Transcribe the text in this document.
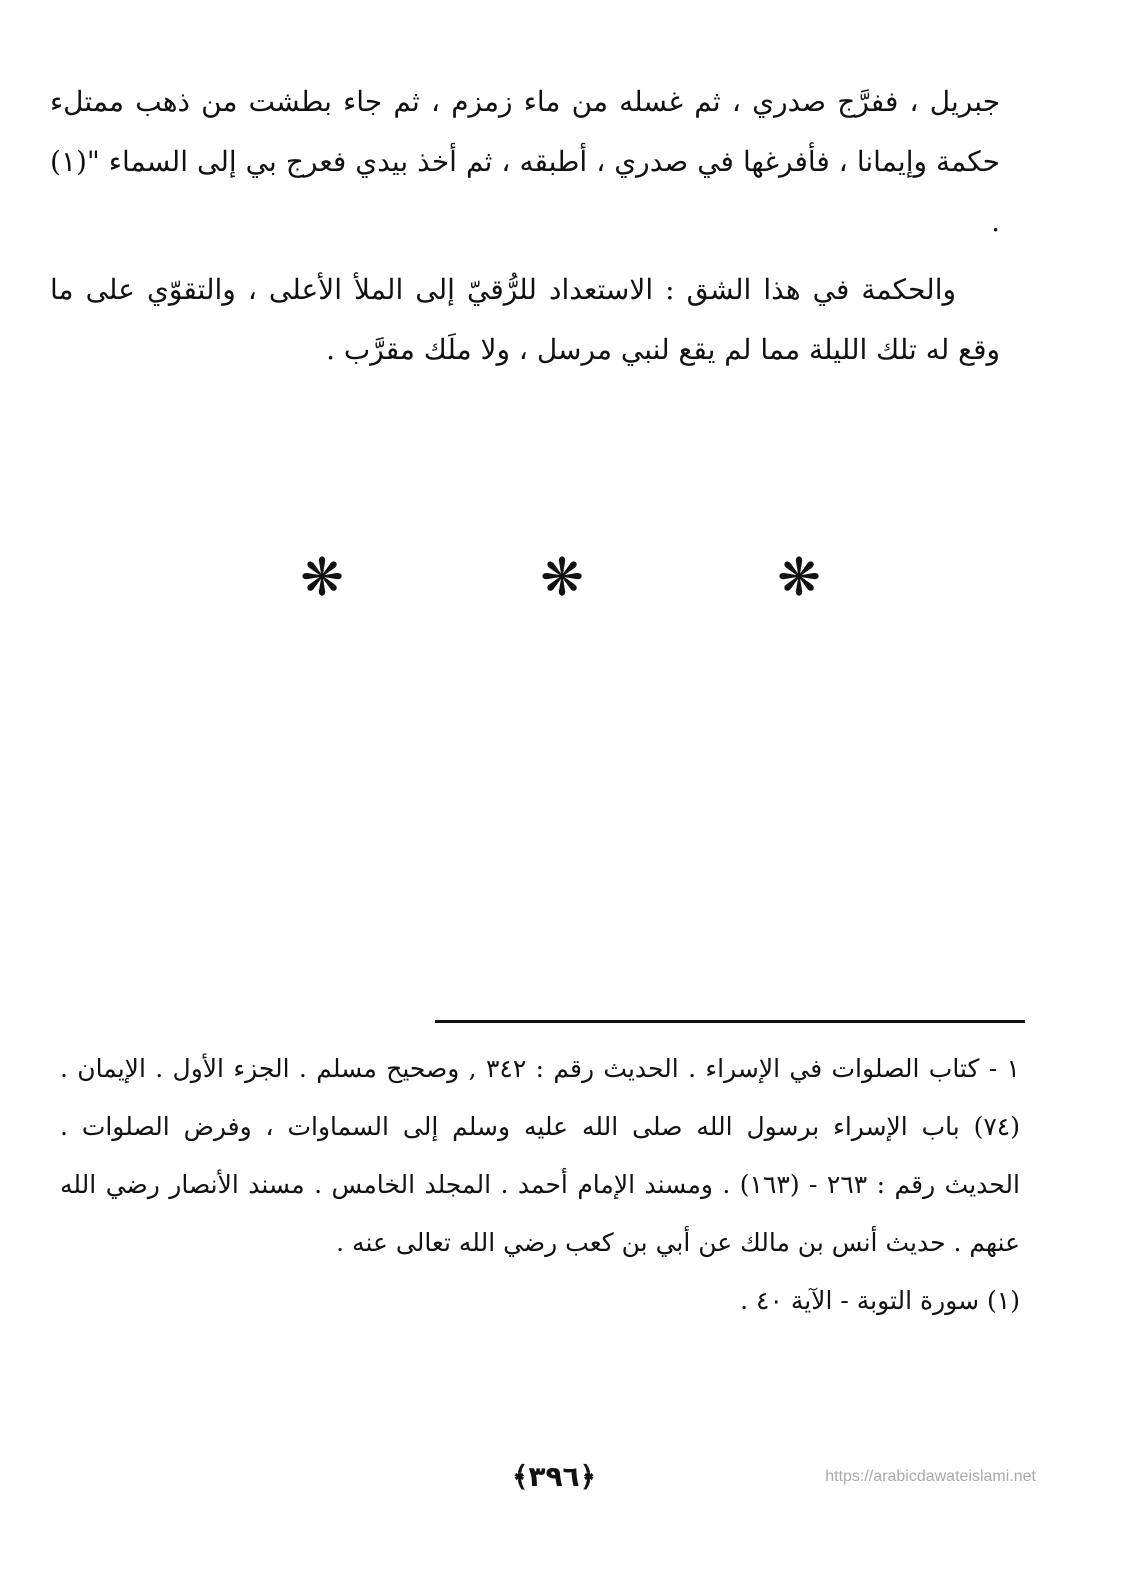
جبريل ، ففرَّج صدري ، ثم غسله من ماء زمزم ، ثم جاء بطشت من ذهب ممتلء حكمة وإيمانا ، فأفرغها في صدري ، أطبقه ، ثم أخذ بيدي فعرج بي إلى السماء "(١) .

والحكمة في هذا الشق : الاستعداد للرُّقيّ إلى الملأ الأعلى ، والتقوّي على ما وقع له تلك الليلة مما لم يقع لنبي مرسل ، ولا ملَك مقرَّب .

❋	❋	❋

١ - كتاب الصلوات في الإسراء . الحديث رقم : ٣٤٢ , وصحيح مسلم . الجزء الأول . الإيمان . (٧٤) باب الإسراء برسول الله صلى الله عليه وسلم إلى السماوات ، وفرض الصلوات . الحديث رقم : ٢٦٣ - (١٦٣) . ومسند الإمام أحمد . المجلد الخامس . مسند الأنصار رضي الله عنهم . حديث أنس بن مالك عن أبي بن كعب رضي الله تعالى عنه .

(١) سورة التوبة - الآية ٤٠ .

﴿٣٩٦﴾	https://arabicdawateislami.net
